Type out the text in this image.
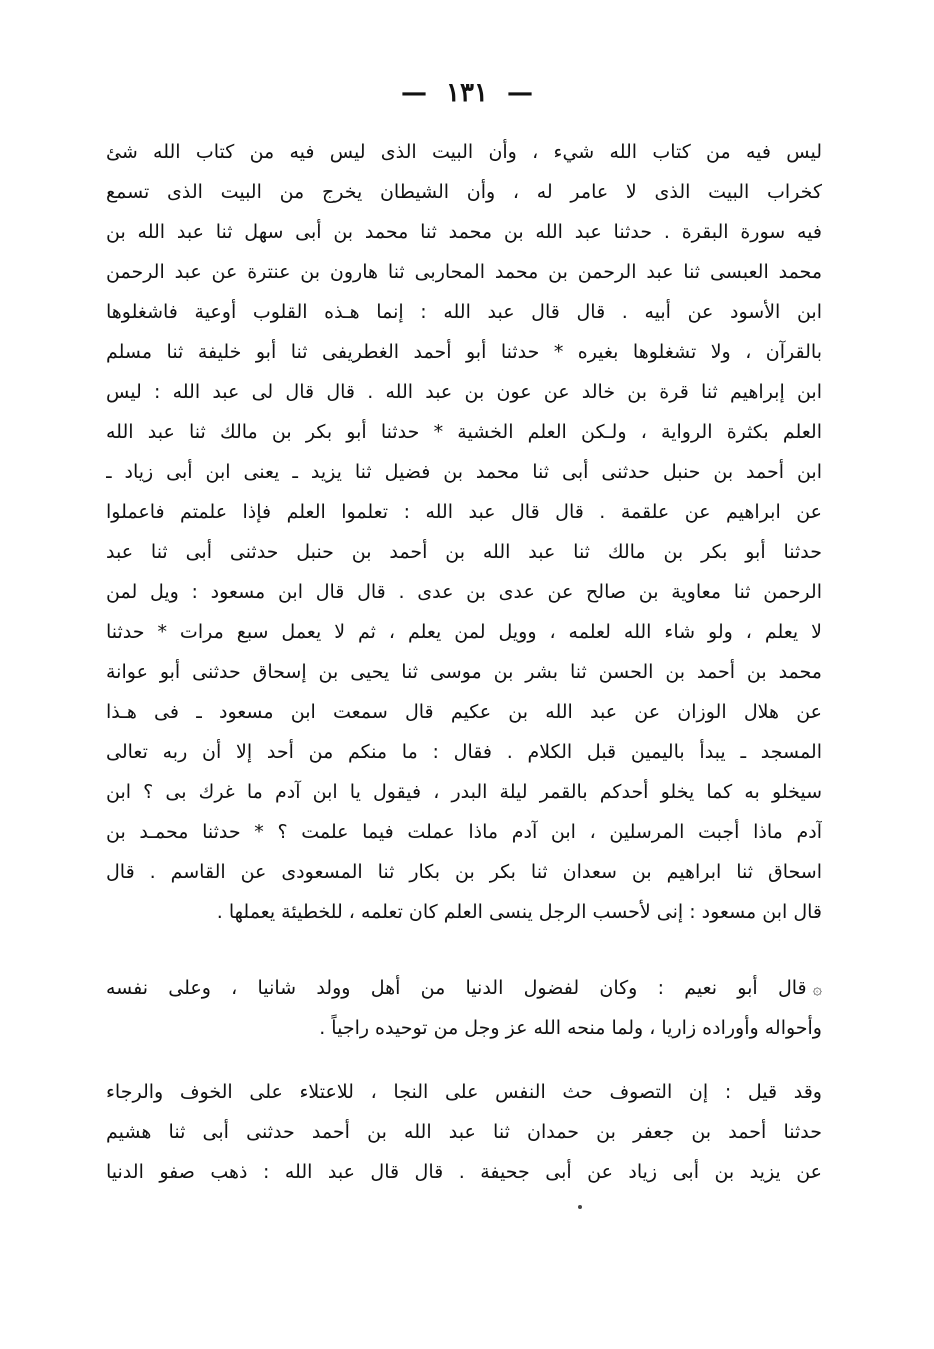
— ١٣١ —
ليس فيه من كتاب الله شيء ، وأن البيت الذى ليس فيه من كتاب الله شئ
كخراب البيت الذى لا عامر له ، وأن الشيطان يخرج من البيت الذى تسمع
فيه سورة البقرة . حدثنا عبد الله بن محمد ثنا محمد بن أبى سهل ثنا عبد الله بن
محمد العبسى ثنا عبد الرحمن بن محمد المحاربى ثنا هارون بن عنترة عن عبد الرحمن
ابن الأسود عن أبيه . قال قال عبد الله : إنما هـذه القلوب أوعية فاشغلوها
بالقرآن ، ولا تشغلوها بغيره * حدثنا أبو أحمد الغطريفى ثنا أبو خليفة ثنا مسلم
ابن إبراهيم ثنا قرة بن خالد عن عون بن عبد الله . قال قال لى عبد الله : ليس
العلم بكثرة الرواية ، ولـكن العلم الخشية * حدثنا أبو بكر بن مالك ثنا عبد الله
ابن أحمد بن حنبل حدثنى أبى ثنا محمد بن فضيل ثنا يزيد ـ يعنى ابن أبى زياد ـ
عن ابراهيم عن علقمة . قال قال عبد الله : تعلموا العلم فإذا علمتم فاعملوا
حدثنا أبو بكر بن مالك ثنا عبد الله بن أحمد بن حنبل حدثنى أبى ثنا عبد
الرحمن ثنا معاوية بن صالح عن عدى بن عدى . قال قال ابن مسعود : ويل لمن
لا يعلم ، ولو شاء الله لعلمه ، وويل لمن يعلم ، ثم لا يعمل سبع مرات * حدثنا
محمد بن أحمد بن الحسن ثنا بشر بن موسى ثنا يحيى بن إسحاق حدثنى أبو عوانة
عن هلال الوزان عن عبد الله بن عكيم قال سمعت ابن مسعود ـ فى هـذا
المسجد ـ يبدأ باليمين قبل الكلام . فقال : ما منكم من أحد إلا أن ربه تعالى
سيخلو به كما يخلو أحدكم بالقمر ليلة البدر ، فيقول يا ابن آدم ما غرك بى ؟ ابن
آدم ماذا أجبت المرسلين ، ابن آدم ماذا عملت فيما علمت ؟ * حدثنا محمـد بن
اسحاق ثنا ابراهيم بن سعدان ثنا بكر بن بكار ثنا المسعودى عن القاسم . قال
قال ابن مسعود : إنى لأحسب الرجل ينسى العلم كان تعلمه ، للخطيئة يعملها .
۞قال أبو نعيم : وكان لفضول الدنيا من أهل وولد شانيا ، وعلى نفسه
وأحواله وأوراده زاريا ، ولما منحه الله عز وجل من توحيده راجياً .
وقد قيل : إن التصوف حث النفس على النجا ، للاعتلاء على الخوف والرجاء
حدثنا أحمد بن جعفر بن حمدان ثنا عبد الله بن أحمد حدثنى أبى ثنا هشيم
عن يزيد بن أبى زياد عن أبى جحيفة . قال قال عبد الله : ذهب صفو الدنيا
